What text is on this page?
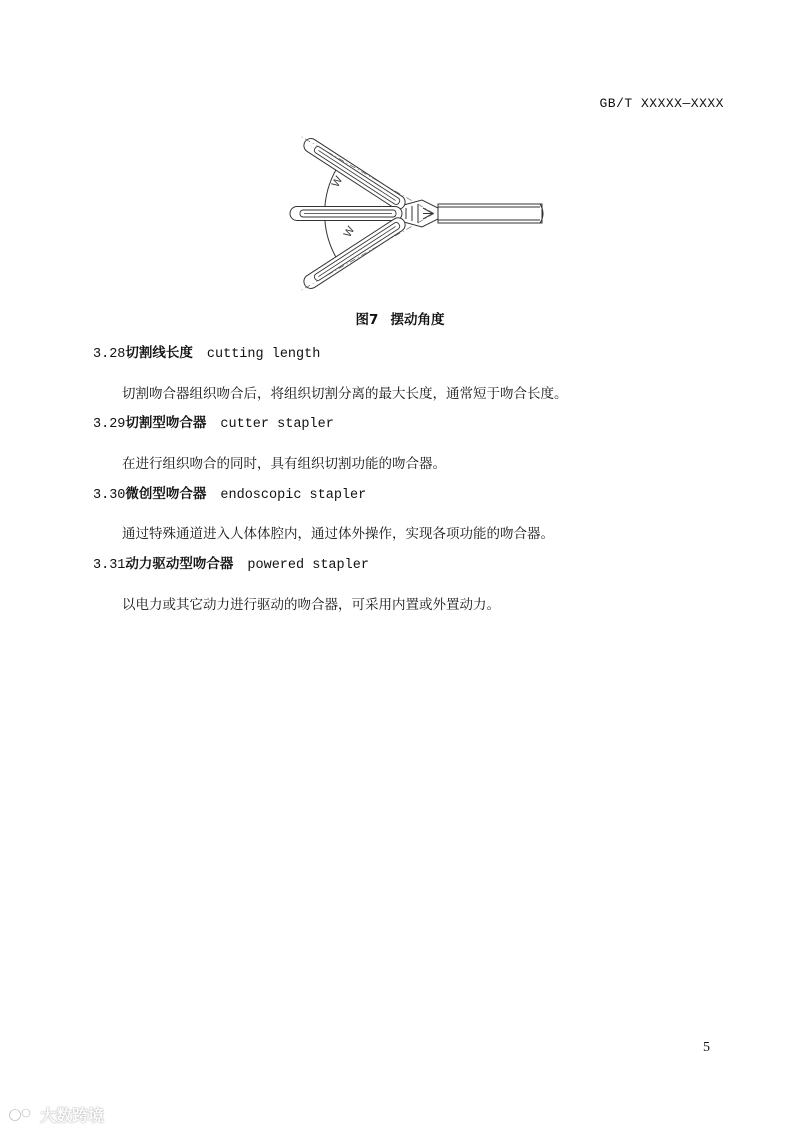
GB/T XXXXX—XXXX
W
W
图7 摆动角度
3.28切割线长度 cutting length
切割吻合器组织吻合后，将组织切割分离的最大长度，通常短于吻合长度。
3.29切割型吻合器 cutter stapler
在进行组织吻合的同时，具有组织切割功能的吻合器。
3.30微创型吻合器 endoscopic stapler
通过特殊通道进入人体体腔内，通过体外操作，实现各项功能的吻合器。
3.31动力驱动型吻合器 powered stapler
以电力或其它动力进行驱动的吻合器，可采用内置或外置动力。
5
大数跨境
